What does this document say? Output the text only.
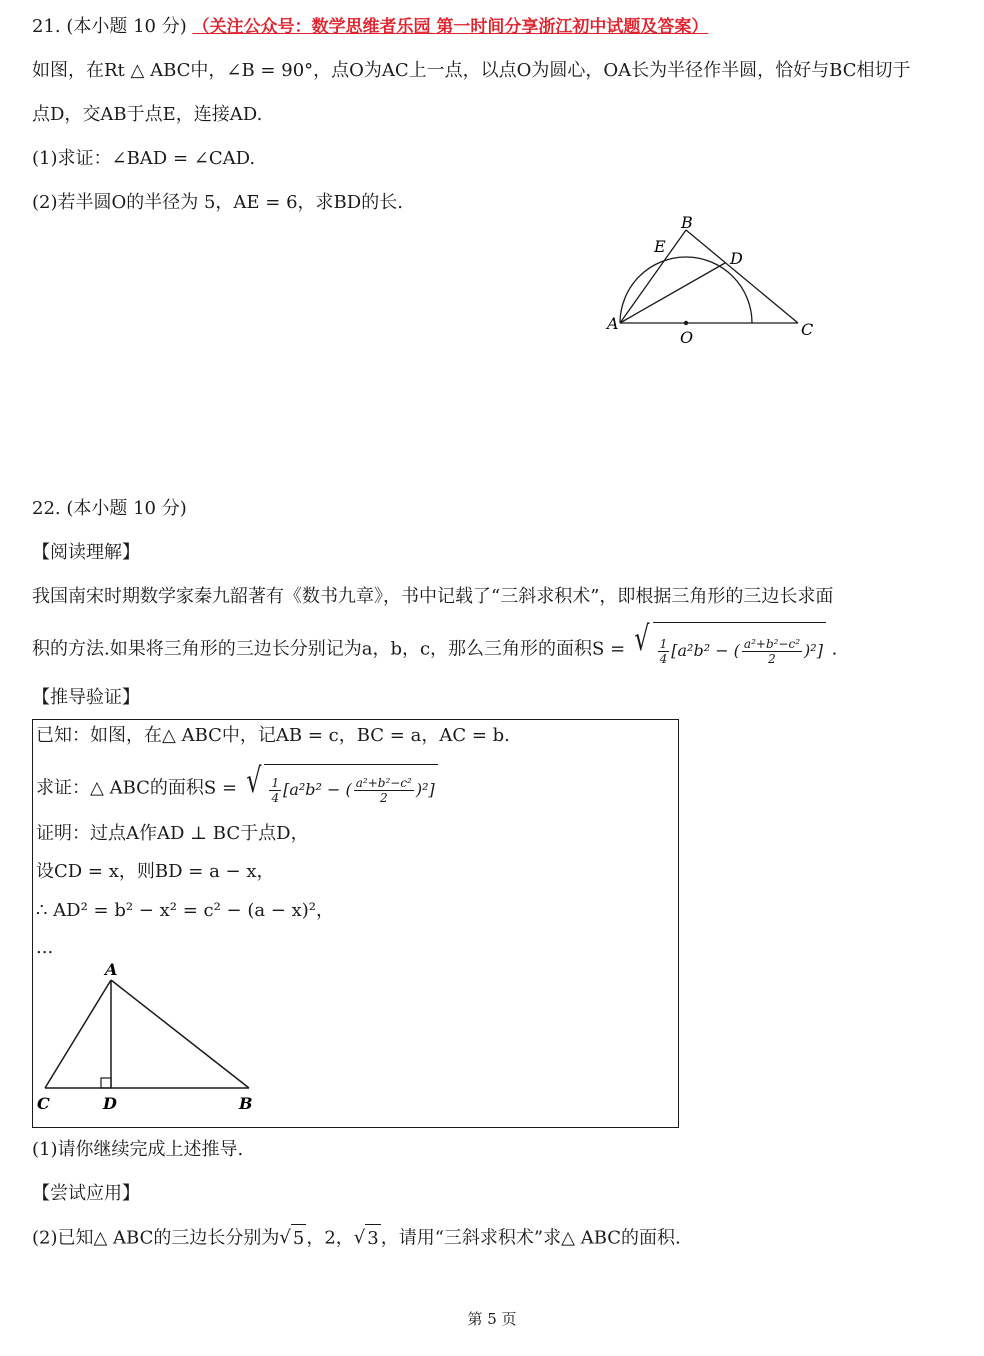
21. (本小题 10 分) （关注公众号：数学思维者乐园 第一时间分享浙江初中试题及答案）
如图，在Rt △ ABC中，∠B = 90°，点O为AC上一点，以点O为圆心，OA长为半径作半圆，恰好与BC相切于
点D，交AB于点E，连接AD.
(1)求证：∠BAD = ∠CAD.
(2)若半圆O的半径为 5，AE = 6，求BD的长.
A
B
C
D
E
O
22. (本小题 10 分)
【阅读理解】
我国南宋时期数学家秦九韶著有《数书九章》，书中记载了“三斜求积术”，即根据三角形的三边长求面
积的方法.如果将三角形的三边长分别记为a，b，c，那么三角形的面积S = √ $\frac{1}{4} [a^2b^2$ − ( $\frac{\text{a²+b²−c²}}{2} )^2$] .
【推导验证】
已知：如图，在△ ABC中，记AB = c，BC = a，AC = b.
求证：△ ABC的面积S = √ $\frac{1}{4} [a^2b^2$ − ( $\frac{\text{a²+b²−c²}}{2} )^2$]
证明：过点A作AD ⊥ BC于点D，
设CD = x，则BD = a − x，
∴ AD² = b² − x² = c² − (a − x)²，
...
A
C	D	B
(1)请你继续完成上述推导.
【尝试应用】
(2)已知△ ABC的三边长分别为 √ 5 ，2， √ 3 ，请用“三斜求积术”求△ ABC的面积.
第 5 页
